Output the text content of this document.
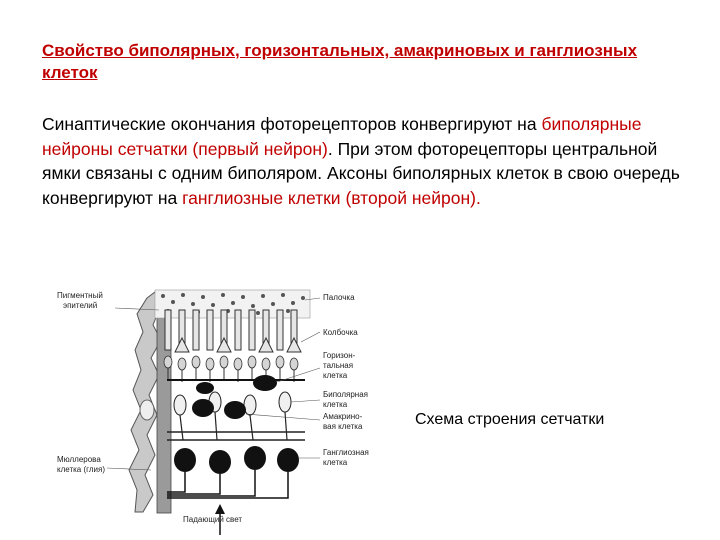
Свойство биполярных, горизонтальных, амакриновых и ганглиозных клеток
Синаптические окончания фоторецепторов конвергируют на биполярные нейроны сетчатки (первый нейрон). При этом фоторецепторы центральной ямки связаны с одним биполяром. Аксоны биполярных клеток в свою очередь конвергируют на ганглиозные клетки (второй нейрон).
Пигментный
эпителий
Палочка
Колбочка
Горизон-
тальная
клетка
Биполярная
клетка
Амакрино-
вая клетка
Ганглиозная
клетка
Мюллерова
клетка (глия)
Падающий свет
Схема строения сетчатки
